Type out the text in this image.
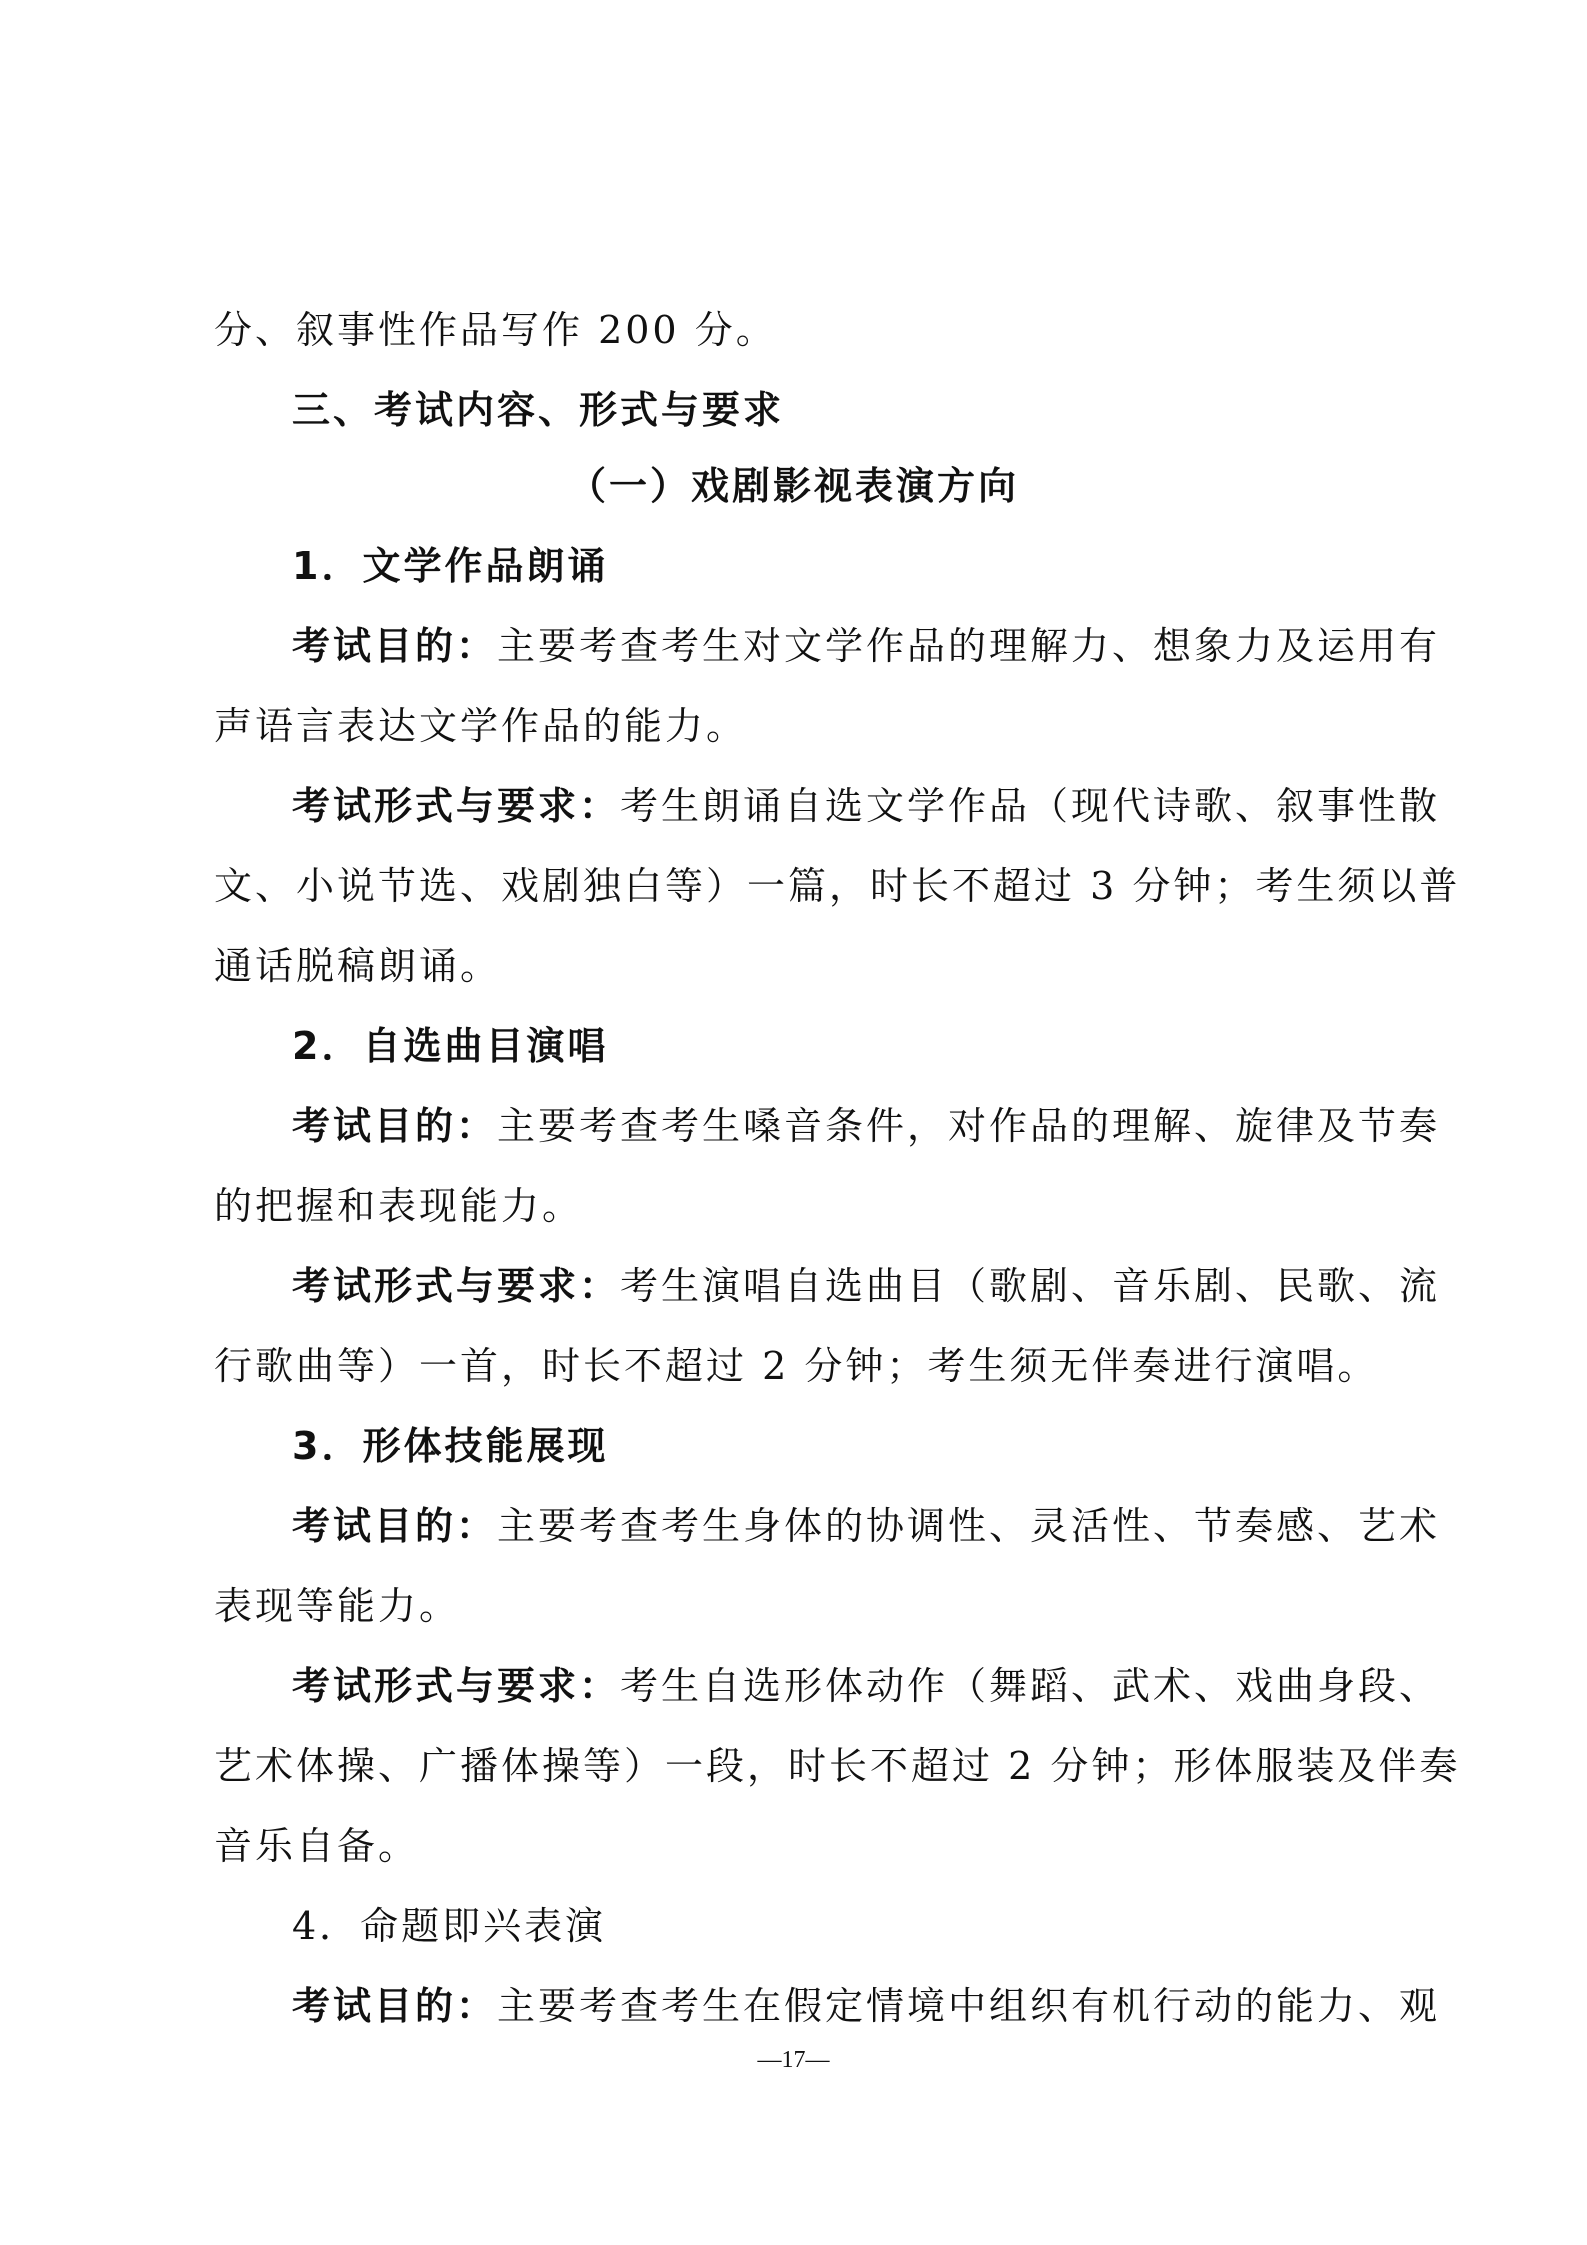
分、叙事性作品写作 200 分。
三、考试内容、形式与要求
（一）戏剧影视表演方向
1．文学作品朗诵
考试目的：主要考查考生对文学作品的理解力、想象力及运用有
声语言表达文学作品的能力。
考试形式与要求：考生朗诵自选文学作品（现代诗歌、叙事性散
文、小说节选、戏剧独白等）一篇，时长不超过 3 分钟；考生须以普
通话脱稿朗诵。
2．自选曲目演唱
考试目的：主要考查考生嗓音条件，对作品的理解、旋律及节奏
的把握和表现能力。
考试形式与要求：考生演唱自选曲目（歌剧、音乐剧、民歌、流
行歌曲等）一首，时长不超过 2 分钟；考生须无伴奏进行演唱。
3．形体技能展现
考试目的：主要考查考生身体的协调性、灵活性、节奏感、艺术
表现等能力。
考试形式与要求：考生自选形体动作（舞蹈、武术、戏曲身段、
艺术体操、广播体操等）一段，时长不超过 2 分钟；形体服装及伴奏
音乐自备。
4．命题即兴表演
考试目的：主要考查考生在假定情境中组织有机行动的能力、观
—17—
